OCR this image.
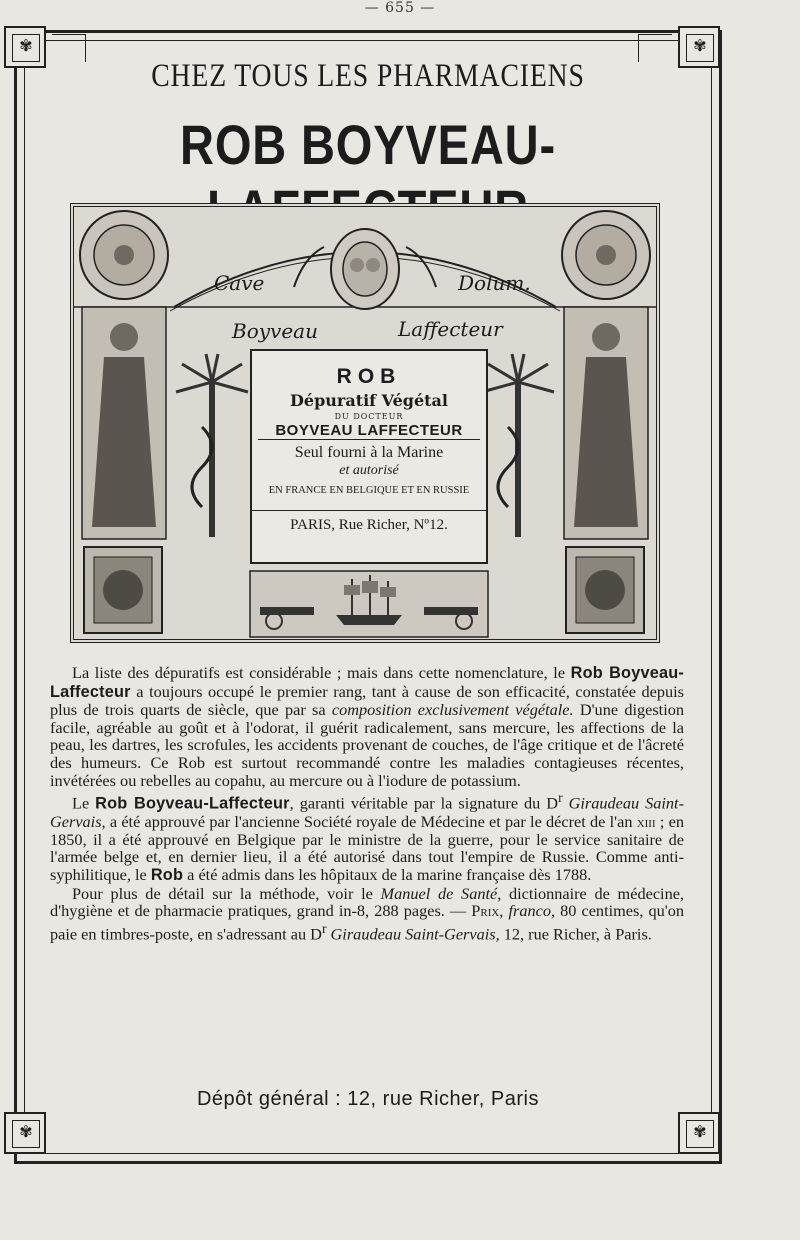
— 655 —
✾	✾
✾	✾
CHEZ TOUS LES PHARMACIENS
ROB BOYVEAU-
Cave	Dolum.
Boyveau	Laffecteur
ROB
Dépuratif Végétal
DU DOCTEUR
BOYVEAU LAFFECTEUR
Seul fourni à la Marine
et autorisé
EN FRANCE EN BELGIQUE ET EN RUSSIE
PARIS, Rue Richer, Nº12.

La liste des dépuratifs est considérable ; mais dans cette nomenclature, le Rob Boyveau-Laffecteur a toujours occupé le premier rang, tant à cause de son efficacité, constatée depuis plus de trois quarts de siècle, que par sa composition exclusivement végétale. D'une digestion facile, agréable au goût et à l'odorat, il guérit radicalement, sans mercure, les affections de la peau, les dartres, les scrofules, les accidents provenant de couches, de l'âge critique et de l'âcreté des humeurs. Ce Rob est surtout recommandé contre les maladies contagieuses récentes, invétérées ou rebelles au copahu, au mercure ou à l'iodure de potassium.

Le Rob Boyveau-Laffecteur, garanti véritable par la signature du $D^r$ Giraudeau Saint-Gervais, a été approuvé par l'ancienne Société royale de Médecine et par le décret de l'an xiii ; en 1850, il a été approuvé en Belgique par le ministre de la guerre, pour le service sanitaire de l'armée belge et, en dernier lieu, il a été autorisé dans tout l'empire de Russie. Comme anti-syphilitique, le Rob a été admis dans les hôpitaux de la marine française dès 1788.

Pour plus de détail sur la méthode, voir le Manuel de Santé, dictionnaire de médecine, d'hygiène et de pharmacie pratiques, grand in-8, 288 pages. — Prix, franco, 80 centimes, qu'on paie en timbres-poste, en s'adressant au $D^r$ Giraudeau Saint-Gervais, 12, rue Richer, à Paris.

Dépôt général : 12, rue Richer, Paris
